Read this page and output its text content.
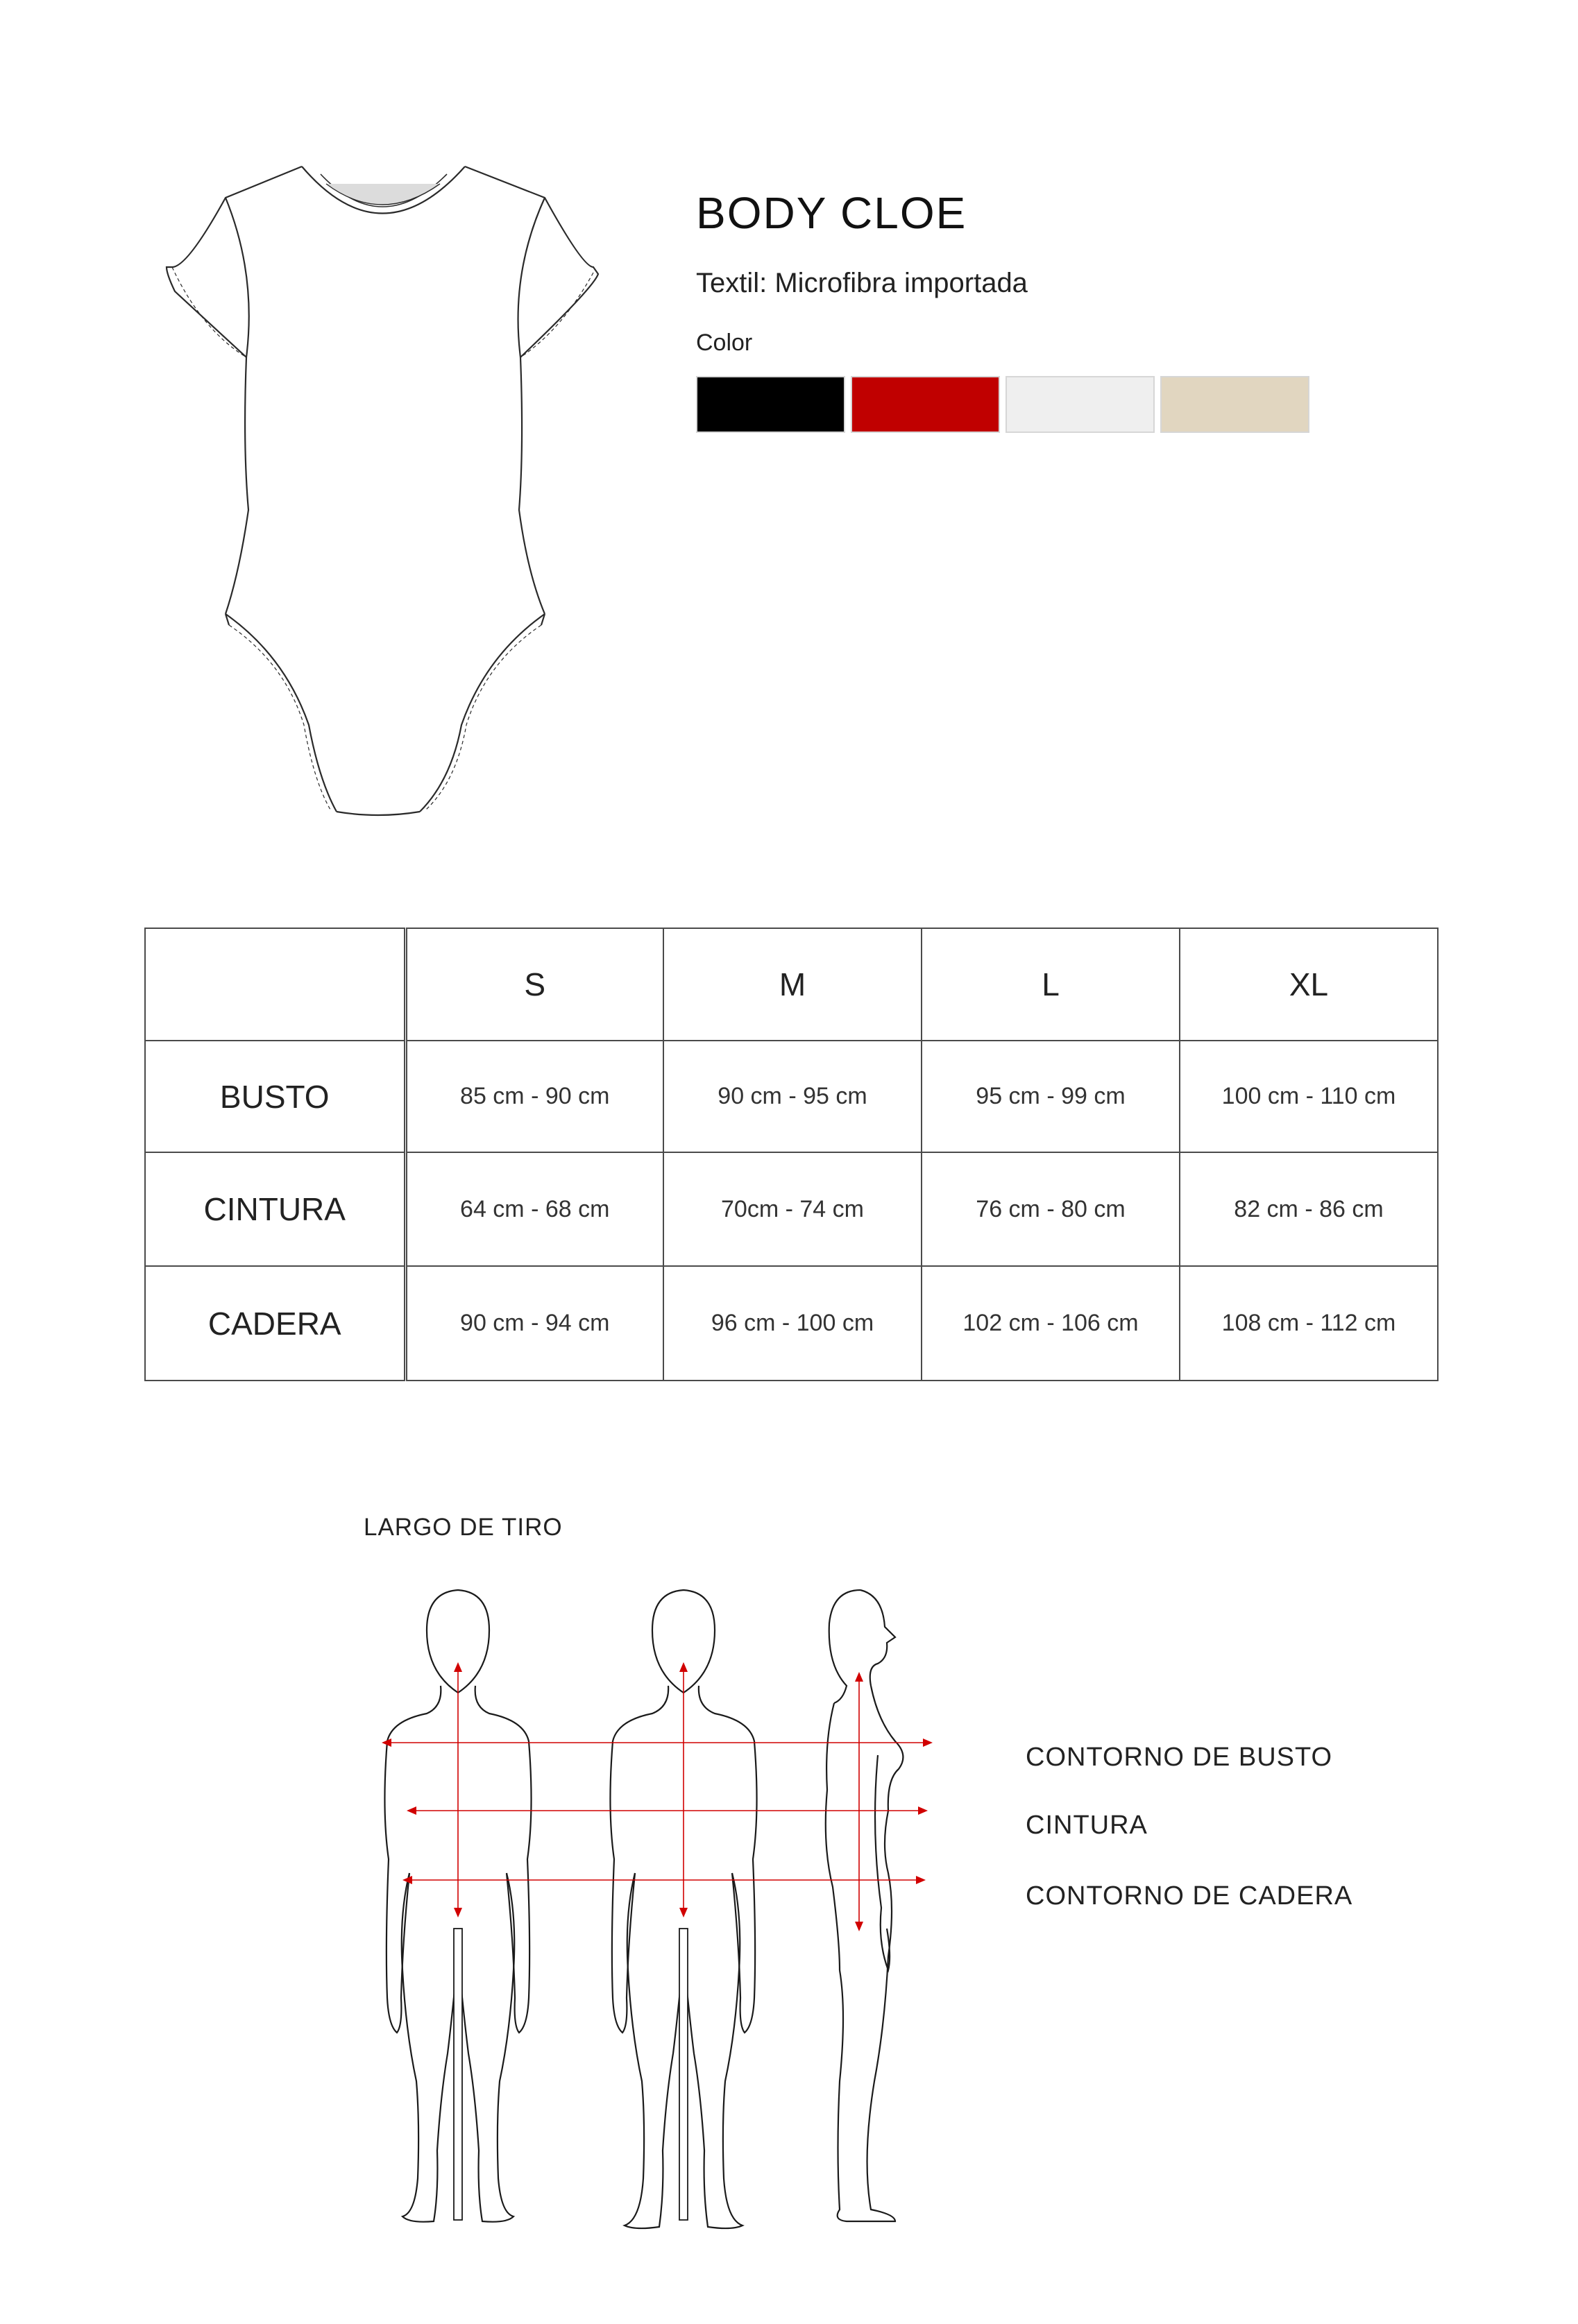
BODY CLOE
Textil: Microfibra importada
Color
	S	M	L	XL
BUSTO	85 cm - 90 cm	90 cm - 95 cm	95 cm - 99 cm	100 cm - 110 cm
CINTURA	64 cm - 68 cm	70cm - 74 cm	76 cm - 80 cm	82 cm - 86 cm
CADERA	90 cm - 94 cm	96 cm - 100 cm	102 cm - 106 cm	108 cm - 112 cm
LARGO DE TIRO
CONTORNO DE BUSTO
CINTURA
CONTORNO DE CADERA
